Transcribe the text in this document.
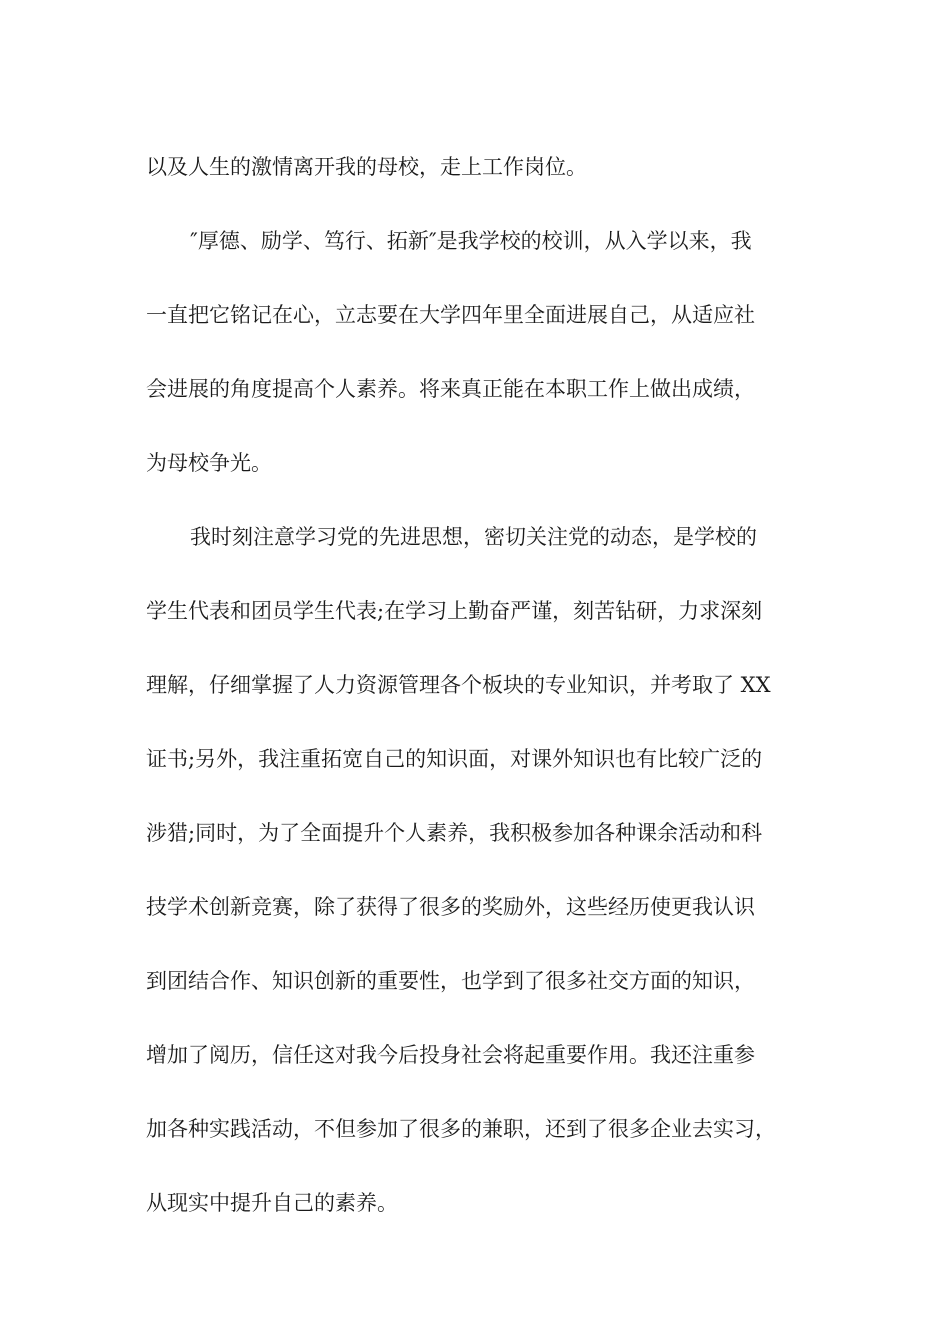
以及人生的激情离开我的母校，走上工作岗位。
″厚德、励学、笃行、拓新″是我学校的校训，从入学以来，我
一直把它铭记在心，立志要在大学四年里全面进展自己，从适应社
会进展的角度提高个人素养。将来真正能在本职工作上做出成绩，
为母校争光。
我时刻注意学习党的先进思想，密切关注党的动态，是学校的
学生代表和团员学生代表;在学习上勤奋严谨，刻苦钻研，力求深刻
理解，仔细掌握了人力资源管理各个板块的专业知识，并考取了 XX
证书;另外，我注重拓宽自己的知识面，对课外知识也有比较广泛的
涉猎;同时，为了全面提升个人素养，我积极参加各种课余活动和科
技学术创新竞赛，除了获得了很多的奖励外，这些经历使更我认识
到团结合作、知识创新的重要性，也学到了很多社交方面的知识，
增加了阅历，信任这对我今后投身社会将起重要作用。我还注重参
加各种实践活动，不但参加了很多的兼职，还到了很多企业去实习，
从现实中提升自己的素养。
